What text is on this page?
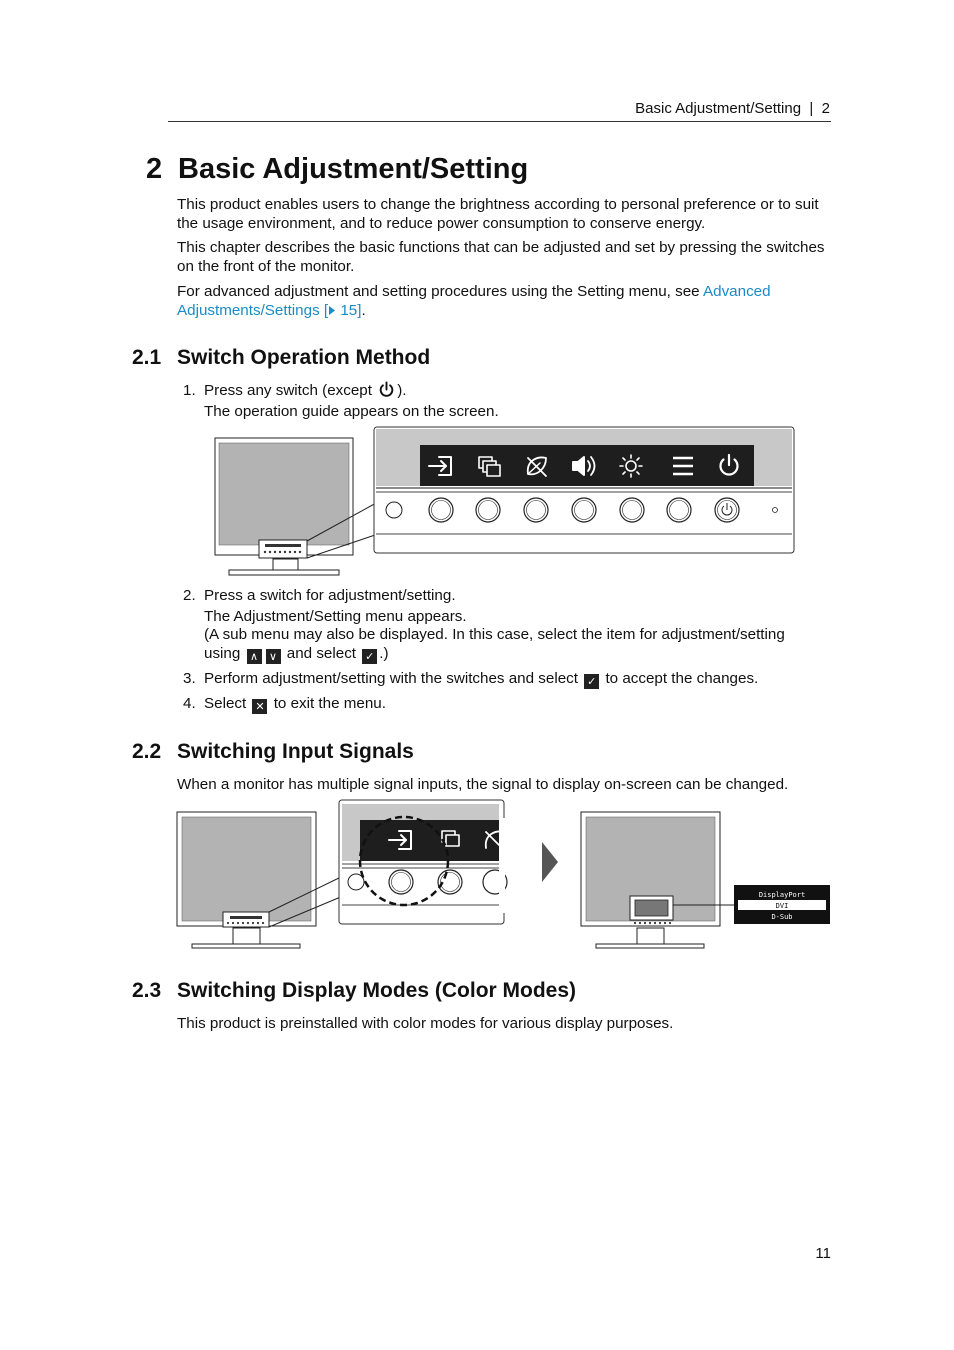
Basic Adjustment/Setting  |  2
2 Basic Adjustment/Setting
This product enables users to change the brightness according to personal preference or to suit the usage environment, and to reduce power consumption to conserve energy.
This chapter describes the basic functions that can be adjusted and set by pressing the switches on the front of the monitor.
For advanced adjustment and setting procedures using the Setting menu, see Advanced Adjustments/Settings [ 15].
2.1 Switch Operation Method
1. Press any switch (except ).
The operation guide appears on the screen.
2. Press a switch for adjustment/setting.
The Adjustment/Setting menu appears.
(A sub menu may also be displayed. In this case, select the item for adjustment/setting
using ∧ ∨ and select ✓ .)
3. Perform adjustment/setting with the switches and select ✓ to accept the changes.
4. Select ✕ to exit the menu.
2.2 Switching Input Signals
When a monitor has multiple signal inputs, the signal to display on-screen can be changed.
DisplayPort
DVI
D-Sub
2.3 Switching Display Modes (Color Modes)
This product is preinstalled with color modes for various display purposes.
11
